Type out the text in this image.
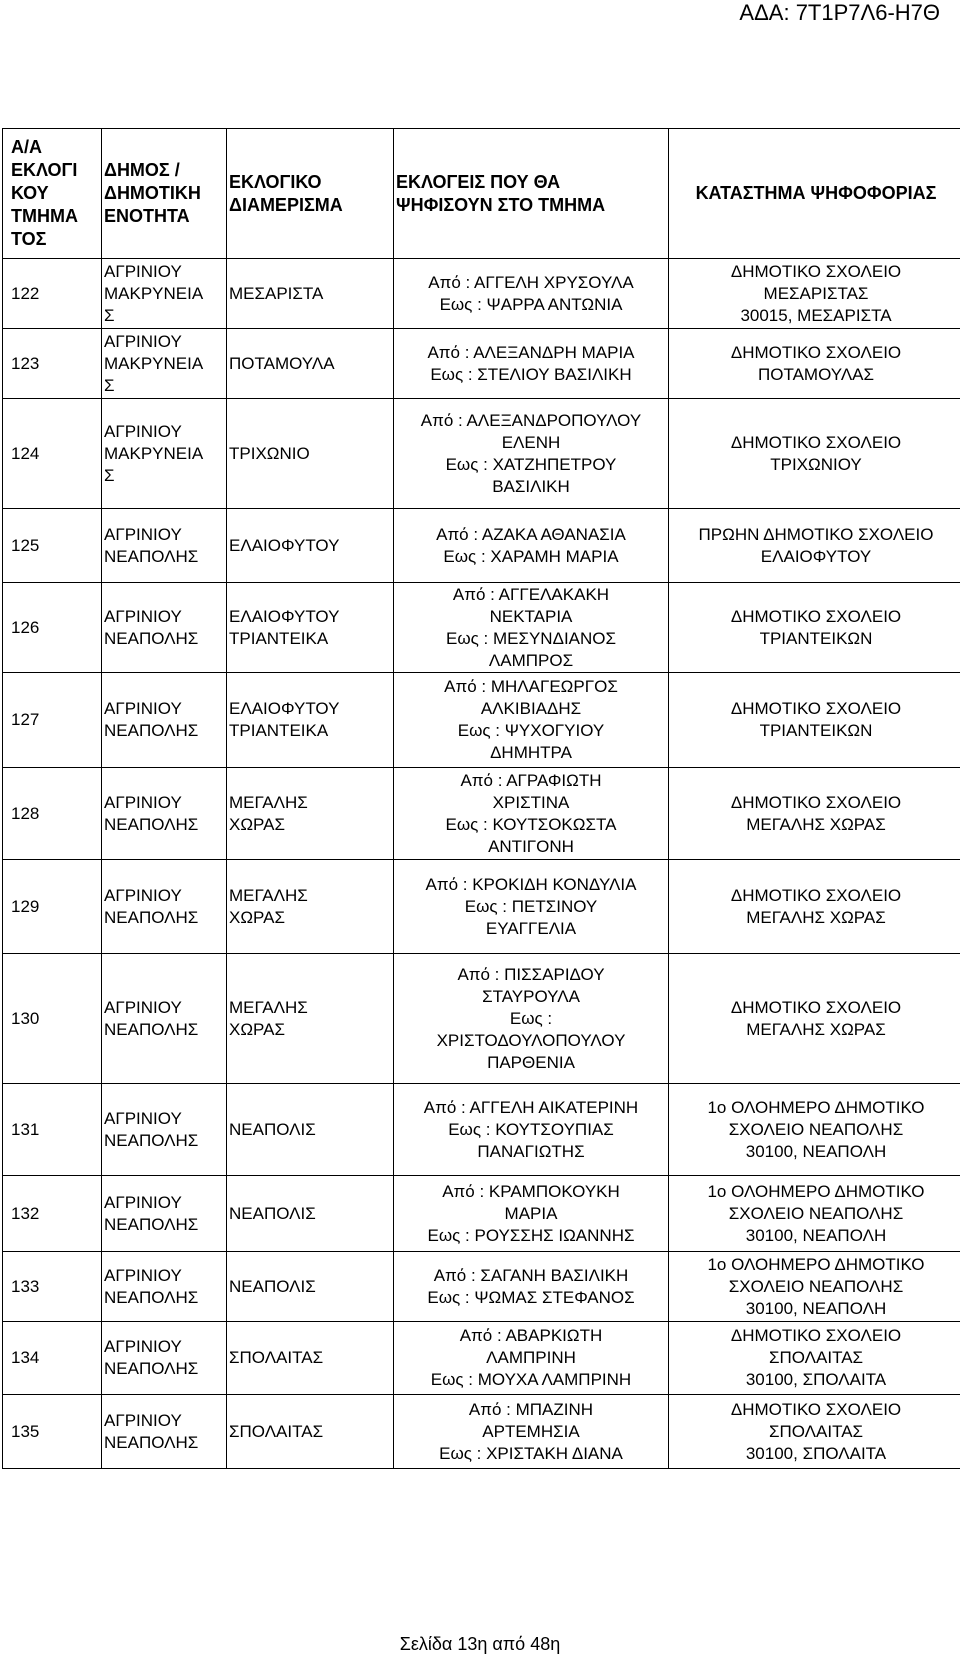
ΑΔΑ: 7Τ1Ρ7Λ6-Η7Θ
Α/Α
ΕΚΛΟΓΙ
ΚΟΥ
ΤΜΗΜΑ
ΤΟΣ	ΔΗΜΟΣ /
ΔΗΜΟΤΙΚΗ
ΕΝΟΤΗΤΑ	ΕΚΛΟΓΙΚΟ
ΔΙΑΜΕΡΙΣΜΑ	ΕΚΛΟΓΕΙΣ ΠΟΥ ΘΑ
ΨΗΦΙΣΟΥΝ ΣΤΟ ΤΜΗΜΑ	ΚΑΤΑΣΤΗΜΑ ΨΗΦΟΦΟΡΙΑΣ

122	ΑΓΡΙΝΙΟΥ
ΜΑΚΡΥΝΕΙΑ
Σ	ΜΕΣΑΡΙΣΤΑ	Από : ΑΓΓΕΛΗ ΧΡΥΣΟΥΛΑ
Εως : ΨΑΡΡΑ ΑΝΤΩΝΙΑ	ΔΗΜΟΤΙΚΟ ΣΧΟΛΕΙΟ
ΜΕΣΑΡΙΣΤΑΣ
30015, ΜΕΣΑΡΙΣΤΑ

123	ΑΓΡΙΝΙΟΥ
ΜΑΚΡΥΝΕΙΑ
Σ	ΠΟΤΑΜΟΥΛΑ	Από : ΑΛΕΞΑΝΔΡΗ ΜΑΡΙΑ
Εως : ΣΤΕΛΙΟΥ ΒΑΣΙΛΙΚΗ	ΔΗΜΟΤΙΚΟ ΣΧΟΛΕΙΟ
ΠΟΤΑΜΟΥΛΑΣ

124	ΑΓΡΙΝΙΟΥ
ΜΑΚΡΥΝΕΙΑ
Σ	ΤΡΙΧΩΝΙΟ	Από : ΑΛΕΞΑΝΔΡΟΠΟΥΛΟΥ
ΕΛΕΝΗ
Εως : ΧΑΤΖΗΠΕΤΡΟΥ
ΒΑΣΙΛΙΚΗ	ΔΗΜΟΤΙΚΟ ΣΧΟΛΕΙΟ
ΤΡΙΧΩΝΙΟΥ

125	ΑΓΡΙΝΙΟΥ
ΝΕΑΠΟΛΗΣ	ΕΛΑΙΟΦΥΤΟΥ	Από : ΑΖΑΚΑ ΑΘΑΝΑΣΙΑ
Εως : ΧΑΡΑΜΗ ΜΑΡΙΑ	ΠΡΩΗΝ ΔΗΜΟΤΙΚΟ ΣΧΟΛΕΙΟ
ΕΛΑΙΟΦΥΤΟΥ

126	ΑΓΡΙΝΙΟΥ
ΝΕΑΠΟΛΗΣ	ΕΛΑΙΟΦΥΤΟΥ
ΤΡΙΑΝΤΕΙΚΑ	Από : ΑΓΓΕΛΑΚΑΚΗ
ΝΕΚΤΑΡΙΑ
Εως : ΜΕΣΥΝΔΙΑΝΟΣ
ΛΑΜΠΡΟΣ	ΔΗΜΟΤΙΚΟ ΣΧΟΛΕΙΟ
ΤΡΙΑΝΤΕΙΚΩΝ

127	ΑΓΡΙΝΙΟΥ
ΝΕΑΠΟΛΗΣ	ΕΛΑΙΟΦΥΤΟΥ
ΤΡΙΑΝΤΕΙΚΑ	Από : ΜΗΛΑΓΕΩΡΓΟΣ
ΑΛΚΙΒΙΑΔΗΣ
Εως : ΨΥΧΟΓΥΙΟΥ
ΔΗΜΗΤΡΑ	ΔΗΜΟΤΙΚΟ ΣΧΟΛΕΙΟ
ΤΡΙΑΝΤΕΙΚΩΝ

128	ΑΓΡΙΝΙΟΥ
ΝΕΑΠΟΛΗΣ	ΜΕΓΑΛΗΣ
ΧΩΡΑΣ	Από : ΑΓΡΑΦΙΩΤΗ
ΧΡΙΣΤΙΝΑ
Εως : ΚΟΥΤΣΟΚΩΣΤΑ
ΑΝΤΙΓΟΝΗ	ΔΗΜΟΤΙΚΟ ΣΧΟΛΕΙΟ
ΜΕΓΑΛΗΣ ΧΩΡΑΣ

129	ΑΓΡΙΝΙΟΥ
ΝΕΑΠΟΛΗΣ	ΜΕΓΑΛΗΣ
ΧΩΡΑΣ	Από : ΚΡΟΚΙΔΗ ΚΟΝΔΥΛΙΑ
Εως : ΠΕΤΣΙΝΟΥ
ΕΥΑΓΓΕΛΙΑ	ΔΗΜΟΤΙΚΟ ΣΧΟΛΕΙΟ
ΜΕΓΑΛΗΣ ΧΩΡΑΣ

130	ΑΓΡΙΝΙΟΥ
ΝΕΑΠΟΛΗΣ	ΜΕΓΑΛΗΣ
ΧΩΡΑΣ	Από : ΠΙΣΣΑΡΙΔΟΥ
ΣΤΑΥΡΟΥΛΑ
Εως :
ΧΡΙΣΤΟΔΟΥΛΟΠΟΥΛΟΥ
ΠΑΡΘΕΝΙΑ	ΔΗΜΟΤΙΚΟ ΣΧΟΛΕΙΟ
ΜΕΓΑΛΗΣ ΧΩΡΑΣ

131	ΑΓΡΙΝΙΟΥ
ΝΕΑΠΟΛΗΣ	ΝΕΑΠΟΛΙΣ	Από : ΑΓΓΕΛΗ ΑΙΚΑΤΕΡΙΝΗ
Εως : ΚΟΥΤΣΟΥΠΙΑΣ
ΠΑΝΑΓΙΩΤΗΣ	1ο ΟΛΟΗΜΕΡΟ ΔΗΜΟΤΙΚΟ
ΣΧΟΛΕΙΟ ΝΕΑΠΟΛΗΣ
30100, ΝΕΑΠΟΛΗ

132	ΑΓΡΙΝΙΟΥ
ΝΕΑΠΟΛΗΣ	ΝΕΑΠΟΛΙΣ	Από : ΚΡΑΜΠΟΚΟΥΚΗ
ΜΑΡΙΑ
Εως : ΡΟΥΣΣΗΣ ΙΩΑΝΝΗΣ	1ο ΟΛΟΗΜΕΡΟ ΔΗΜΟΤΙΚΟ
ΣΧΟΛΕΙΟ ΝΕΑΠΟΛΗΣ
30100, ΝΕΑΠΟΛΗ

133	ΑΓΡΙΝΙΟΥ
ΝΕΑΠΟΛΗΣ	ΝΕΑΠΟΛΙΣ	Από : ΣΑΓΑΝΗ ΒΑΣΙΛΙΚΗ
Εως : ΨΩΜΑΣ ΣΤΕΦΑΝΟΣ	1ο ΟΛΟΗΜΕΡΟ ΔΗΜΟΤΙΚΟ
ΣΧΟΛΕΙΟ ΝΕΑΠΟΛΗΣ
30100, ΝΕΑΠΟΛΗ

134	ΑΓΡΙΝΙΟΥ
ΝΕΑΠΟΛΗΣ	ΣΠΟΛΑΙΤΑΣ	Από : ΑΒΑΡΚΙΩΤΗ
ΛΑΜΠΡΙΝΗ
Εως : ΜΟΥΧΑ ΛΑΜΠΡΙΝΗ	ΔΗΜΟΤΙΚΟ ΣΧΟΛΕΙΟ
ΣΠΟΛΑΙΤΑΣ
30100, ΣΠΟΛΑΙΤΑ

135	ΑΓΡΙΝΙΟΥ
ΝΕΑΠΟΛΗΣ	ΣΠΟΛΑΙΤΑΣ	Από : ΜΠΑΖΙΝΗ
ΑΡΤΕΜΗΣΙΑ
Εως : ΧΡΙΣΤΑΚΗ ΔΙΑΝΑ	ΔΗΜΟΤΙΚΟ ΣΧΟΛΕΙΟ
ΣΠΟΛΑΙΤΑΣ
30100, ΣΠΟΛΑΙΤΑ
Σελίδα 13η από 48η
